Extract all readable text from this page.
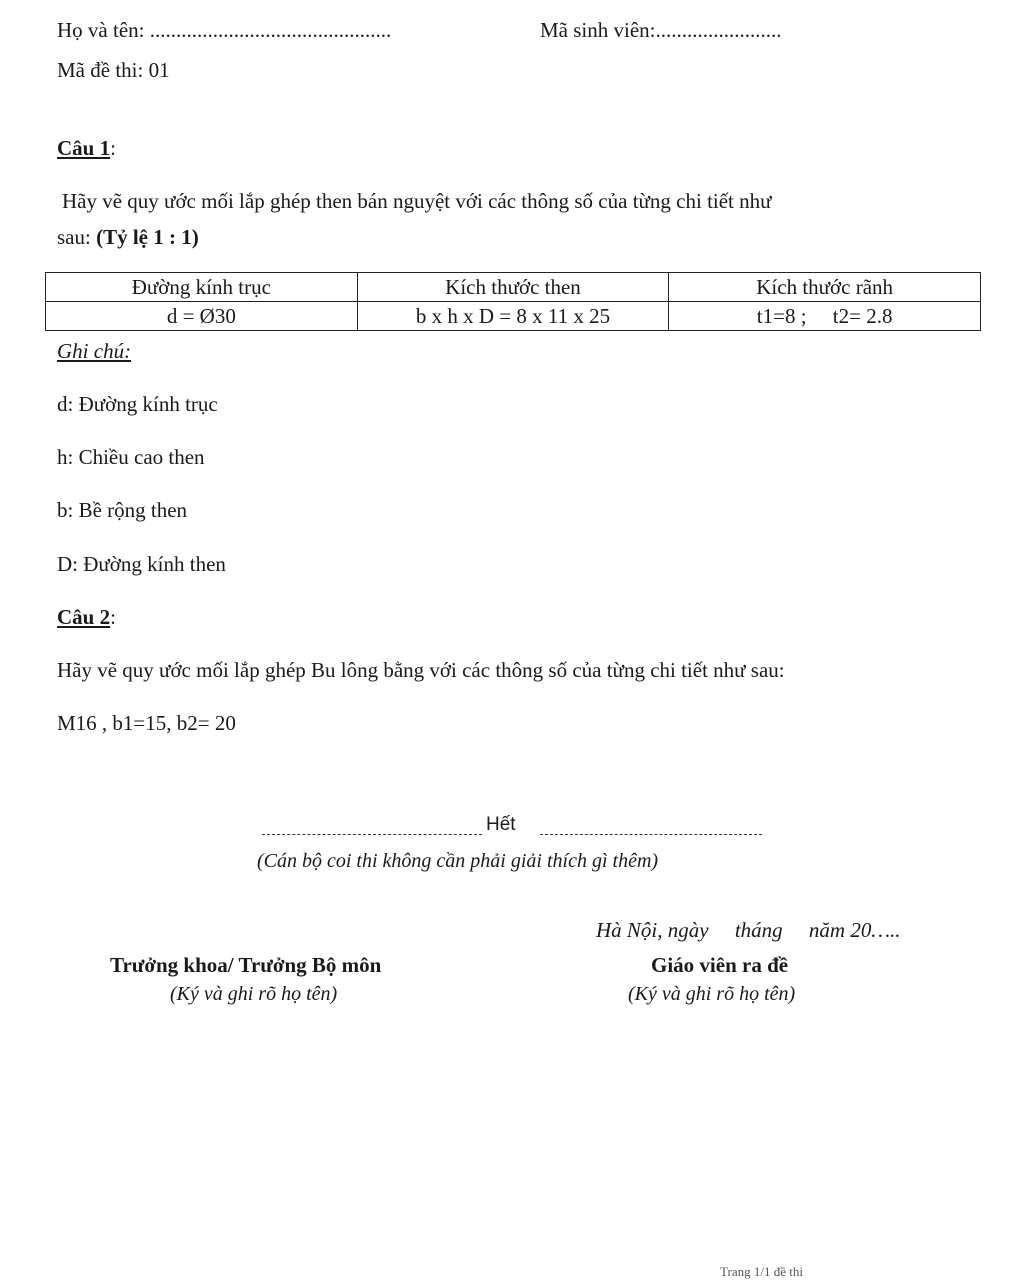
Họ và tên: ..............................................	Mã sinh viên:........................
Mã đề thi: 01
Câu 1:
Hãy vẽ quy ước mối lắp ghép then bán nguyệt với các thông số của từng chi tiết như
sau: (Tỷ lệ 1 : 1)
Đường kính trục	Kích thước then	Kích thước rãnh
d = Ø30	b x h x D = 8 x 11 x 25	t1=8 ;     t2= 2.8
Ghi chú:
d: Đường kính trục
h: Chiều cao then
b: Bề rộng then
D: Đường kính then
Câu 2:
Hãy vẽ quy ước mối lắp ghép Bu lông bằng với các thông số của từng chi tiết như sau:
M16 , b1=15, b2= 20
Hết
(Cán bộ coi thi không cần phải giải thích gì thêm)
Hà Nội, ngày     tháng     năm 20…..
Trưởng khoa/ Trưởng Bộ môn
(Ký và ghi rõ họ tên)
Giáo viên ra đề
(Ký và ghi rõ họ tên)
Trang 1/1 đề thi
